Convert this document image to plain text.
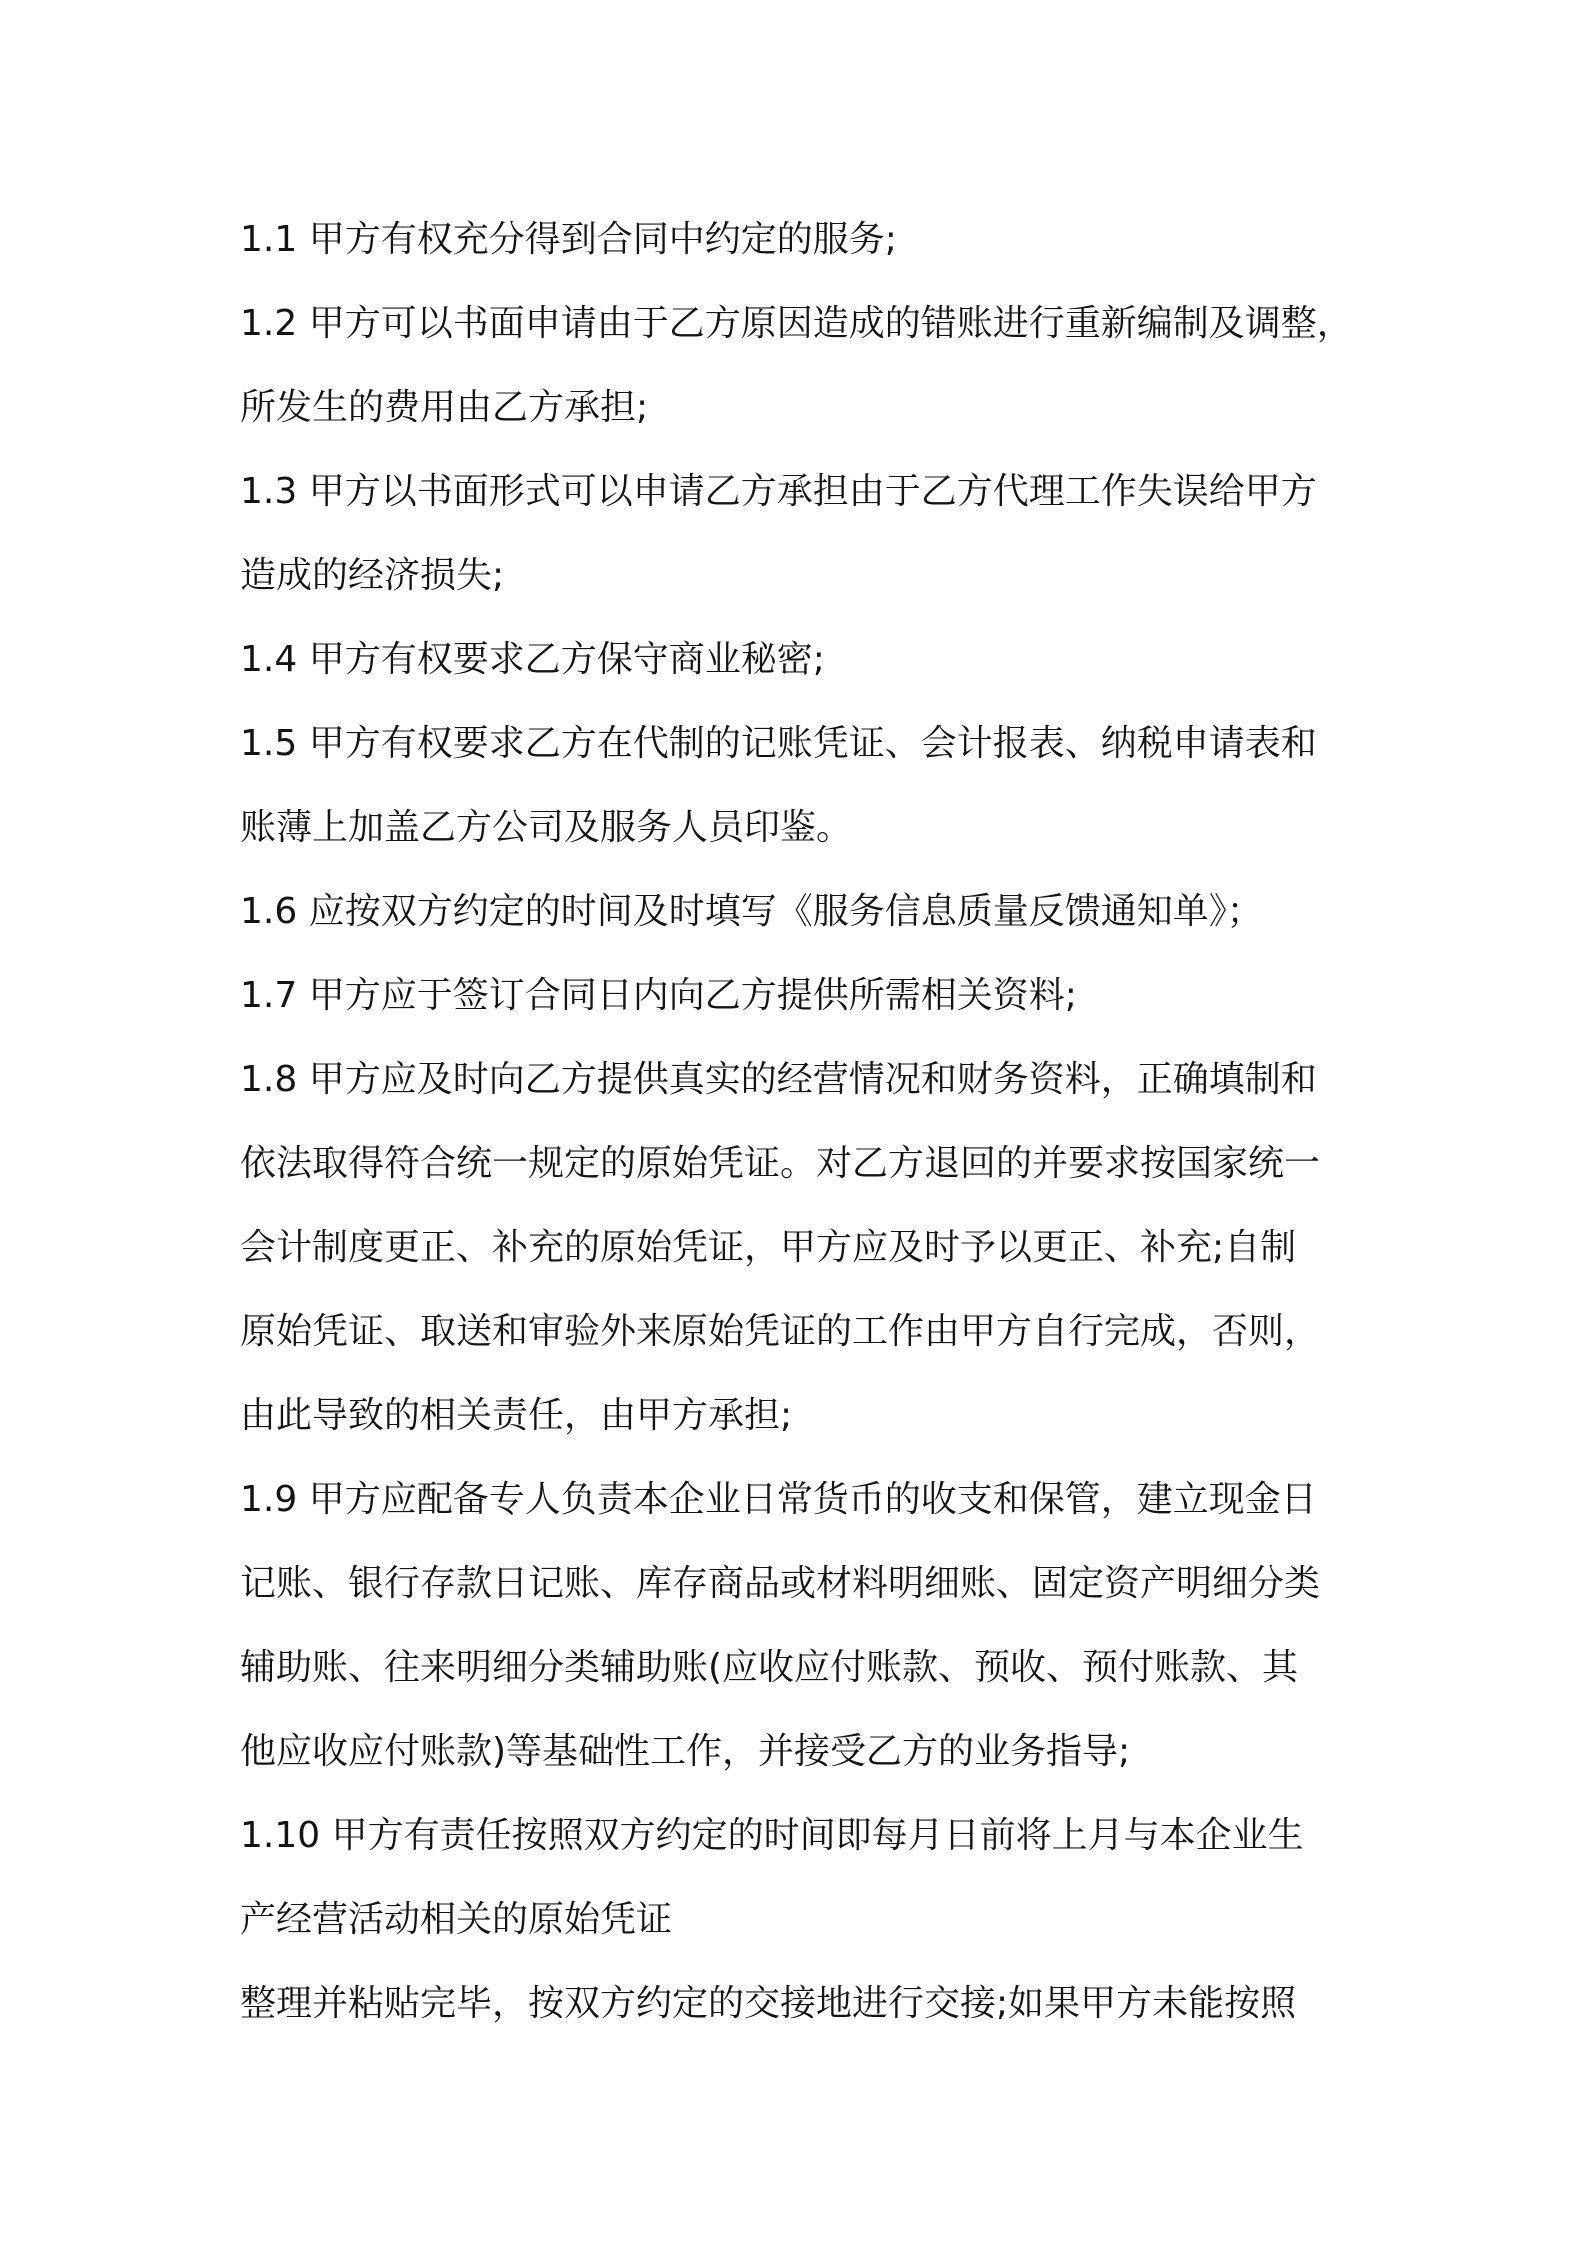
1.1 甲方有权充分得到合同中约定的服务;
1.2 甲方可以书面申请由于乙方原因造成的错账进行重新编制及调整，
所发生的费用由乙方承担;
1.3 甲方以书面形式可以申请乙方承担由于乙方代理工作失误给甲方
造成的经济损失;
1.4 甲方有权要求乙方保守商业秘密;
1.5 甲方有权要求乙方在代制的记账凭证、会计报表、纳税申请表和
账薄上加盖乙方公司及服务人员印鉴。
1.6 应按双方约定的时间及时填写《服务信息质量反馈通知单》；
1.7 甲方应于签订合同日内向乙方提供所需相关资料;
1.8 甲方应及时向乙方提供真实的经营情况和财务资料，正确填制和
依法取得符合统一规定的原始凭证。对乙方退回的并要求按国家统一
会计制度更正、补充的原始凭证，甲方应及时予以更正、补充;自制
原始凭证、取送和审验外来原始凭证的工作由甲方自行完成，否则，
由此导致的相关责任，由甲方承担;
1.9 甲方应配备专人负责本企业日常货币的收支和保管，建立现金日
记账、银行存款日记账、库存商品或材料明细账、固定资产明细分类
辅助账、往来明细分类辅助账(应收应付账款、预收、预付账款、其
他应收应付账款)等基础性工作，并接受乙方的业务指导;
1.10 甲方有责任按照双方约定的时间即每月日前将上月与本企业生
产经营活动相关的原始凭证
整理并粘贴完毕，按双方约定的交接地进行交接;如果甲方未能按照
